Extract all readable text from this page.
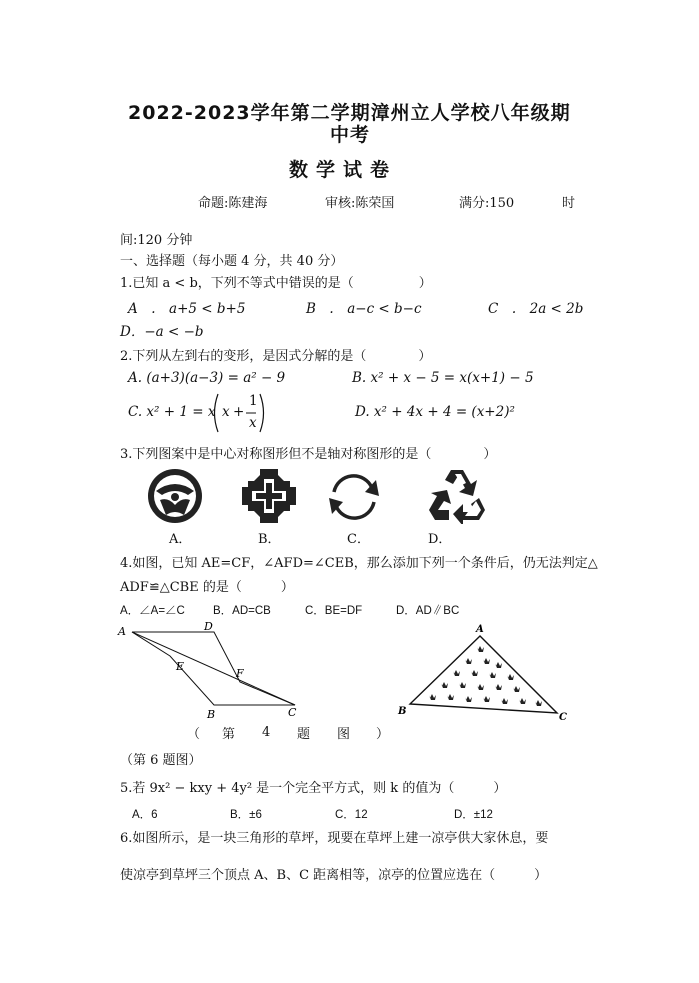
2022-2023学年第二学期漳州立人学校八年级期
中考
数学试卷
命题:陈建海	审核:陈荣国	满分:150	时
间:120 分钟
一、选择题（每小题 4 分，共 40 分）
1.已知 a < b，下列不等式中错误的是（　　　　　）
A　.　a+5 < b+5	B　.　a−c < b−c	C　.　2a < 2b
D．−a < −b
2.下列从左到右的变形，是因式分解的是（　　　　）
A. (a+3)(a−3) = a² − 9	B. x² + x − 5 = x(x+1) − 5
C. x² + 1 = x x +
1
x
D. x² + 4x + 4 = (x+2)²
3.下列图案中是中心对称图形但不是轴对称图形的是（　　　　）
A．	B．	C．	D．
4.如图，已知 AE=CF，∠AFD=∠CEB，那么添加下列一个条件后，仍无法判定△
ADF≌△CBE 的是（　　　）
A．∠A=∠C B．AD=CB	C．BE=DF	D．AD∥BC
A	D
E
F
B	C
（ 第 4 题 图 ）
A
B
C
（第 6 题图）
5.若 9x² − kxy + 4y² 是一个完全平方式，则 k 的值为（　　　）
A．6	B．±6	C．12	D．±12
6.如图所示，是一块三角形的草坪，现要在草坪上建一凉亭供大家休息，要
使凉亭到草坪三个顶点 A、B、C 距离相等，凉亭的位置应选在（　　　）
